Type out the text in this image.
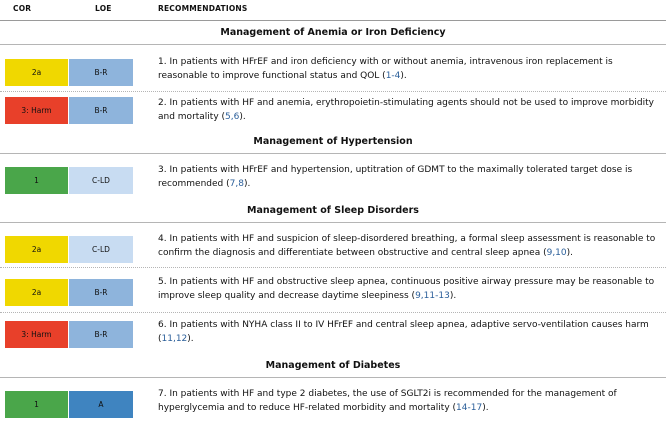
COR	LOE	RECOMMENDATIONS
Management of Anemia or Iron Deficiency
2a	B-R
1. In patients with HFrEF and iron deficiency with or without anemia, intravenous iron replacement is reasonable to improve functional status and QOL (1-4).
3: Harm	B-R
2. In patients with HF and anemia, erythropoietin-stimulating agents should not be used to improve morbidity and mortality (5,6).
Management of Hypertension
1	C-LD
3. In patients with HFrEF and hypertension, uptitration of GDMT to the maximally tolerated target dose is recommended (7,8).
Management of Sleep Disorders
2a	C-LD
4. In patients with HF and suspicion of sleep-disordered breathing, a formal sleep assessment is reasonable to confirm the diagnosis and differentiate between obstructive and central sleep apnea (9,10).
2a	B-R
5. In patients with HF and obstructive sleep apnea, continuous positive airway pressure may be reasonable to improve sleep quality and decrease daytime sleepiness (9,11-13).
3: Harm	B-R
6. In patients with NYHA class II to IV HFrEF and central sleep apnea, adaptive servo-ventilation causes harm (11,12).
Management of Diabetes
1	A
7. In patients with HF and type 2 diabetes, the use of SGLT2i is recommended for the management of hyperglycemia and to reduce HF-related morbidity and mortality (14-17).
